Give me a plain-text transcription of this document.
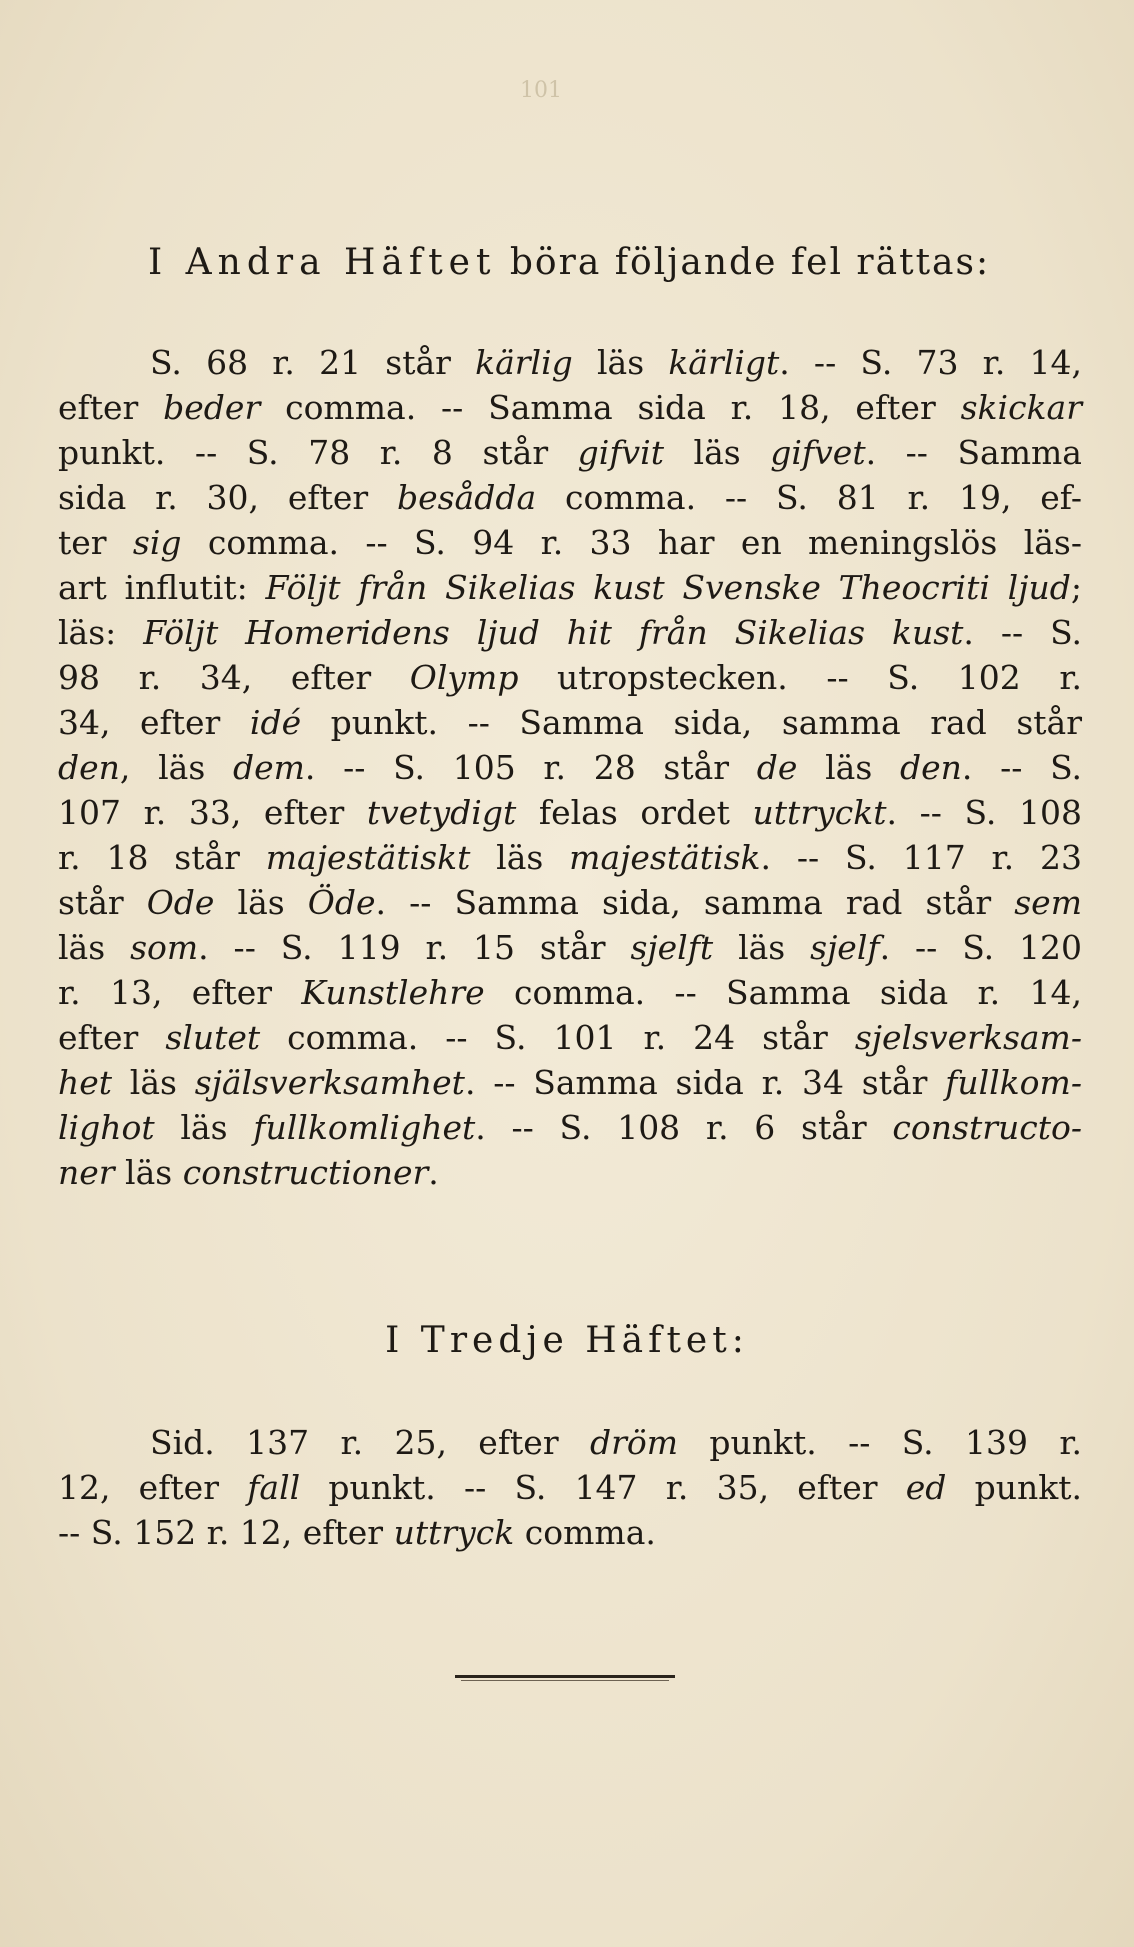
101
I Andra Häftet böra följande fel rättas:
S. 68 r. 21 står kärlig läs kärligt. -- S. 73 r. 14,
efter beder comma. -- Samma sida r. 18, efter skickar
punkt. -- S. 78 r. 8 står gifvit läs gifvet. -- Samma
sida r. 30, efter besådda comma. -- S. 81 r. 19, ef-
ter sig comma. -- S. 94 r. 33 har en meningslös läs-
art influtit: Följt från Sikelias kust Svenske Theocriti ljud;
läs: Följt Homeridens ljud hit från Sikelias kust. -- S.
98 r. 34, efter Olymp utropstecken. -- S. 102 r.
34, efter idé punkt. -- Samma sida, samma rad står
den, läs dem. -- S. 105 r. 28 står de läs den. -- S.
107 r. 33, efter tvetydigt felas ordet uttryckt. -- S. 108
r. 18 står majestätiskt läs majestätisk. -- S. 117 r. 23
står Ode läs Öde. -- Samma sida, samma rad står sem
läs som. -- S. 119 r. 15 står sjelft läs sjelf. -- S. 120
r. 13, efter Kunstlehre comma. -- Samma sida r. 14,
efter slutet comma. -- S. 101 r. 24 står sjelsverksam-
het läs själsverksamhet. -- Samma sida r. 34 står fullkom-
lighot läs fullkomlighet. -- S. 108 r. 6 står constructo-
ner läs constructioner.
I Tredje Häftet:
Sid. 137 r. 25, efter dröm punkt. -- S. 139 r.
12, efter fall punkt. -- S. 147 r. 35, efter ed punkt.
-- S. 152 r. 12, efter uttryck comma.
